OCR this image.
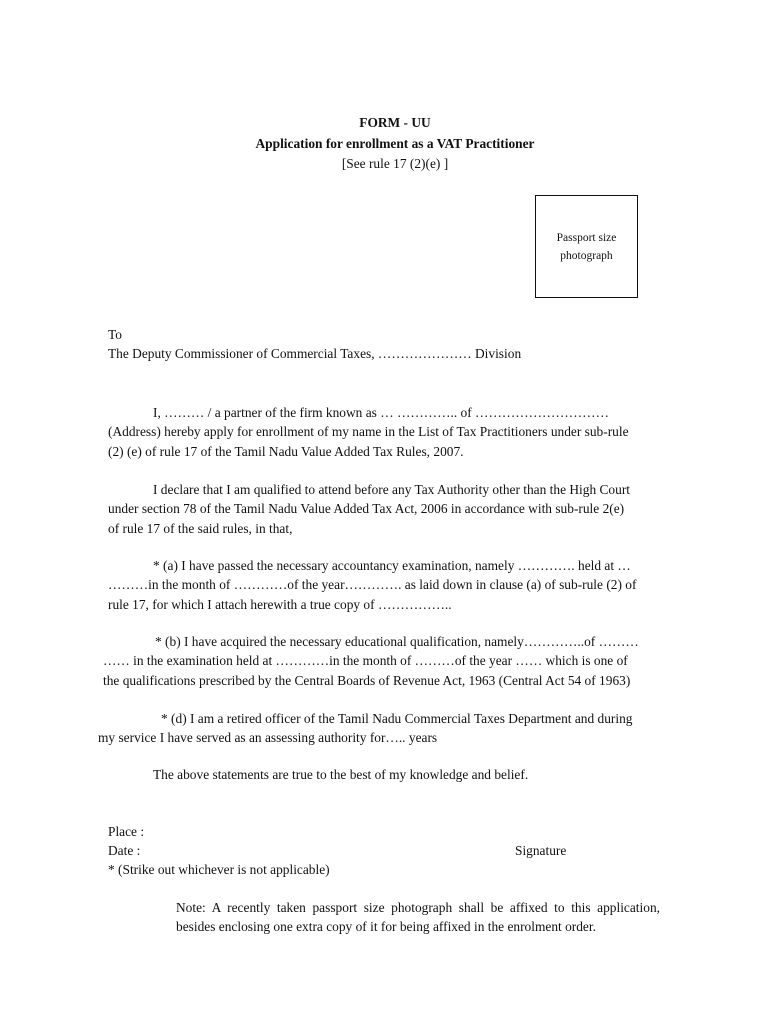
FORM - UU
Application for enrollment as a VAT Practitioner
[See rule 17 (2)(e) ]
Passport size
photograph
To
The Deputy Commissioner of Commercial Taxes, ………………… Division
I, ……… / a partner of the firm known as … ………….. of …………………………
(Address) hereby apply for enrollment of my name in the List of Tax Practitioners under sub-rule
(2) (e) of rule 17 of the Tamil Nadu Value Added Tax Rules, 2007.
I declare that I am qualified to attend before any Tax Authority other than the High Court
under section 78 of the Tamil Nadu Value Added Tax Act, 2006 in accordance with sub-rule 2(e)
of rule 17 of the said rules, in that,
* (a) I have passed the necessary accountancy examination, namely …………. held at …
………in the month of …………of the year…………. as laid down in clause (a) of sub-rule (2) of
rule 17, for which I attach herewith a true copy of ……………..
* (b) I have acquired the necessary educational qualification, namely…………..of ………
…… in the examination held at …………in the month of ………of the year …… which is one of
the qualifications prescribed by the Central Boards of Revenue Act, 1963 (Central Act 54 of 1963)
* (d) I am a retired officer of the Tamil Nadu Commercial Taxes Department and during
my service I have served as an assessing authority for….. years
The above statements are true to the best of my knowledge and belief.
Place :
Date :	Signature
* (Strike out whichever is not applicable)
Note: A recently taken passport size photograph shall be affixed to this application, besides enclosing one extra copy of it for being affixed in the enrolment order.
